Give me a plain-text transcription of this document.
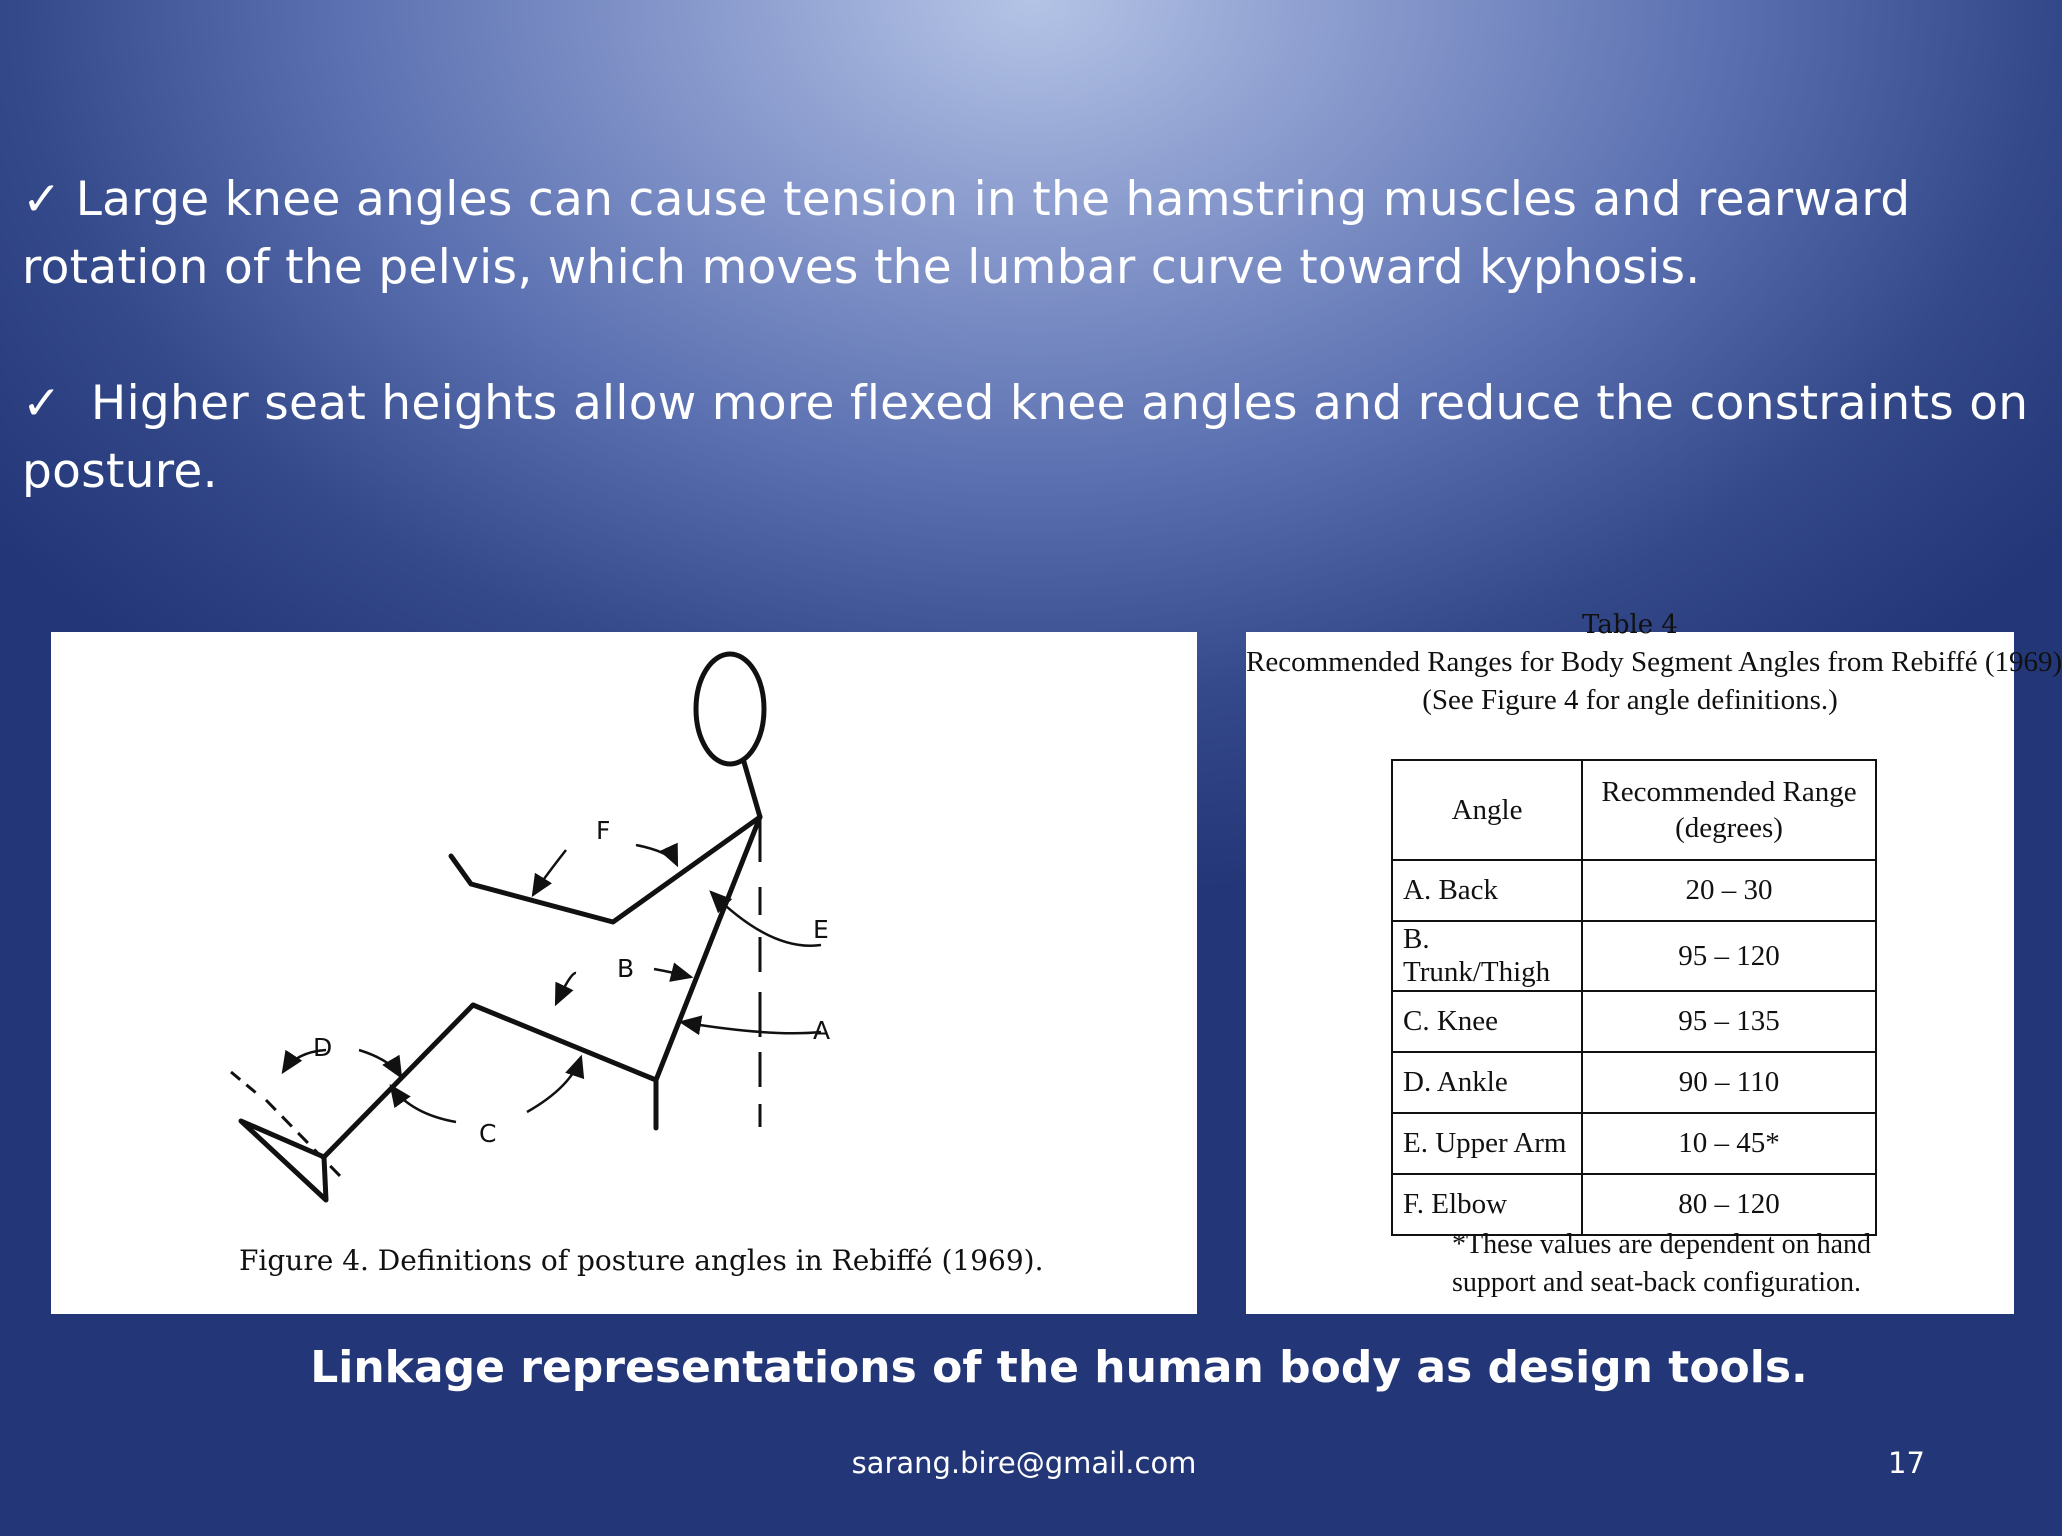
✓ Large knee angles can cause tension in the hamstring muscles and rearward rotation of the pelvis, which moves the lumbar curve toward kyphosis.
✓ Higher seat heights allow more flexed knee angles and reduce the constraints on posture.
F
E
B
A
D
C
Figure 4. Definitions of posture angles in Rebiffé (1969).
Table 4
Recommended Ranges for Body Segment Angles from Rebiffé (1969)
(See Figure 4 for angle definitions.)
Angle	Recommended Range
(degrees)
A. Back	20 – 30
B. Trunk/Thigh	95 – 120
C. Knee	95 – 135
D. Ankle	90 – 110
E. Upper Arm	10 – 45*
F. Elbow	80 – 120
*These values are dependent on hand support and seat-back configuration.
Linkage representations of the human body as design tools.
sarang.bire@gmail.com	17
